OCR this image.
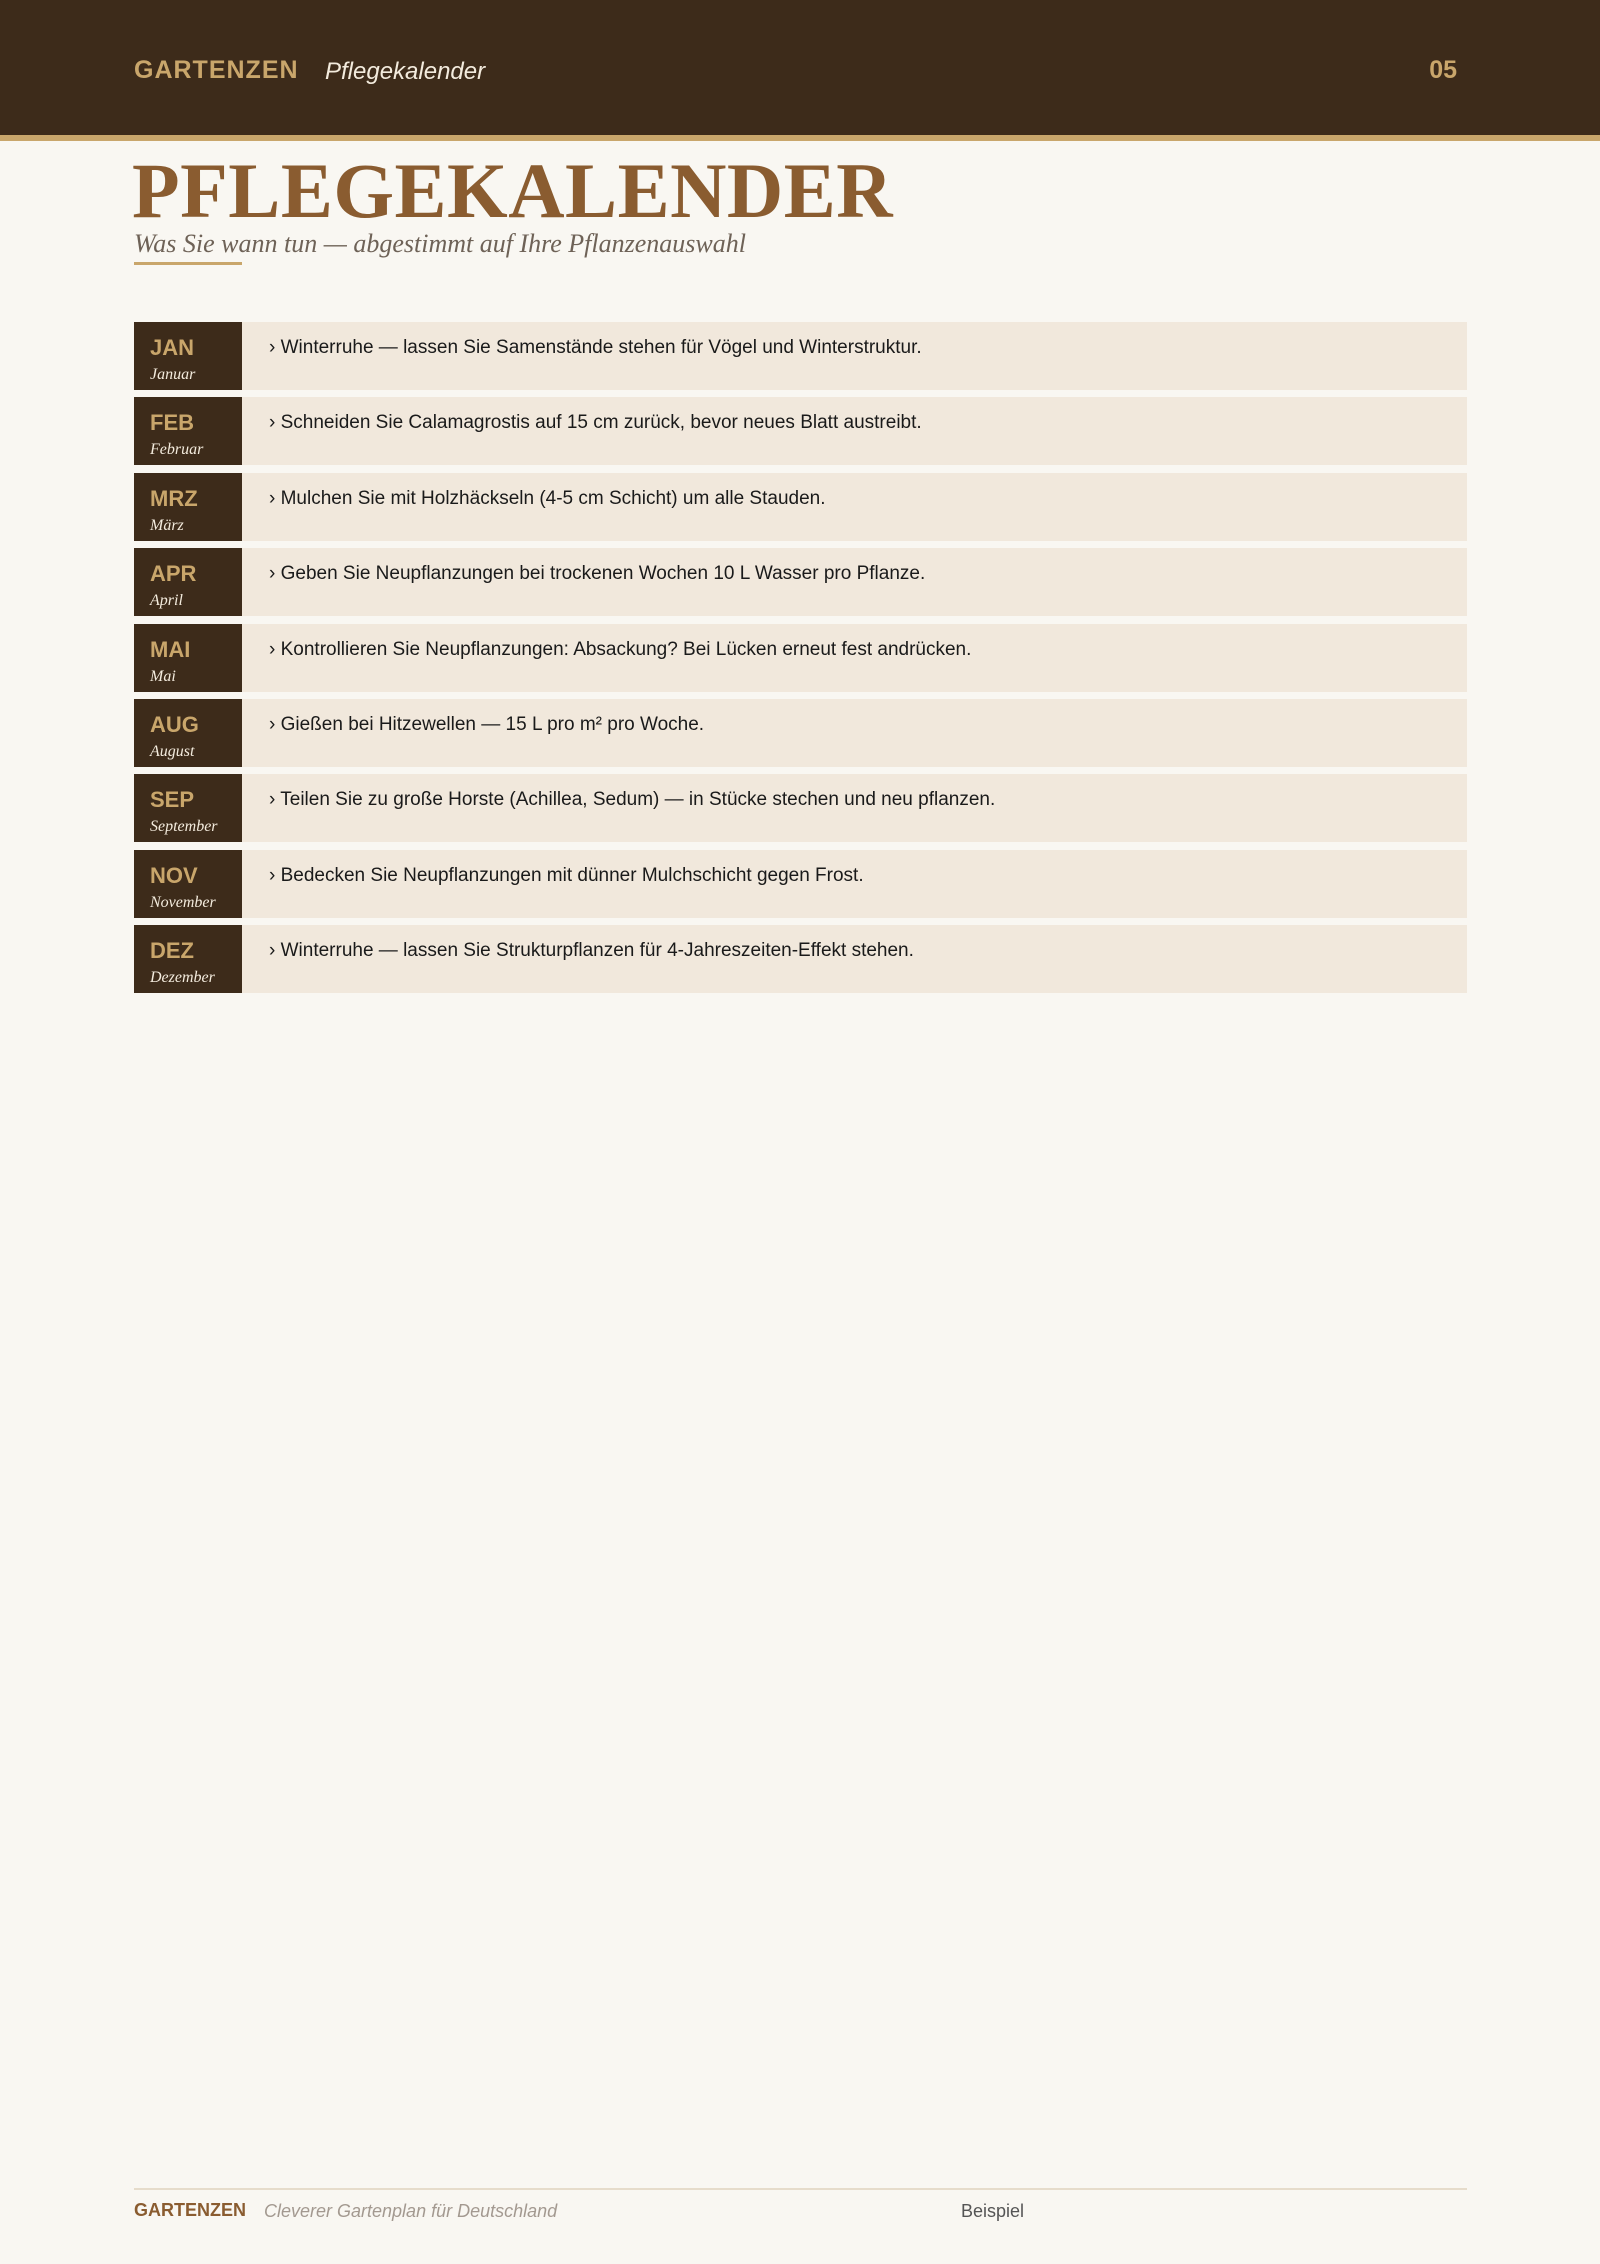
GARTENZEN Pflegekalender	05
PFLEGEKALENDER
Was Sie wann tun — abgestimmt auf Ihre Pflanzenauswahl
JAN
Januar
› Winterruhe — lassen Sie Samenstände stehen für Vögel und Winterstruktur.
FEB
Februar
› Schneiden Sie Calamagrostis auf 15 cm zurück, bevor neues Blatt austreibt.
MRZ
März
› Mulchen Sie mit Holzhäckseln (4-5 cm Schicht) um alle Stauden.
APR
April
› Geben Sie Neupflanzungen bei trockenen Wochen 10 L Wasser pro Pflanze.
MAI
Mai
› Kontrollieren Sie Neupflanzungen: Absackung? Bei Lücken erneut fest andrücken.
AUG
August
› Gießen bei Hitzewellen — 15 L pro m² pro Woche.
SEP
September
› Teilen Sie zu große Horste (Achillea, Sedum) — in Stücke stechen und neu pflanzen.
NOV
November
› Bedecken Sie Neupflanzungen mit dünner Mulchschicht gegen Frost.
DEZ
Dezember
› Winterruhe — lassen Sie Strukturpflanzen für 4-Jahreszeiten-Effekt stehen.
GARTENZEN Cleverer Gartenplan für Deutschland	Beispiel
